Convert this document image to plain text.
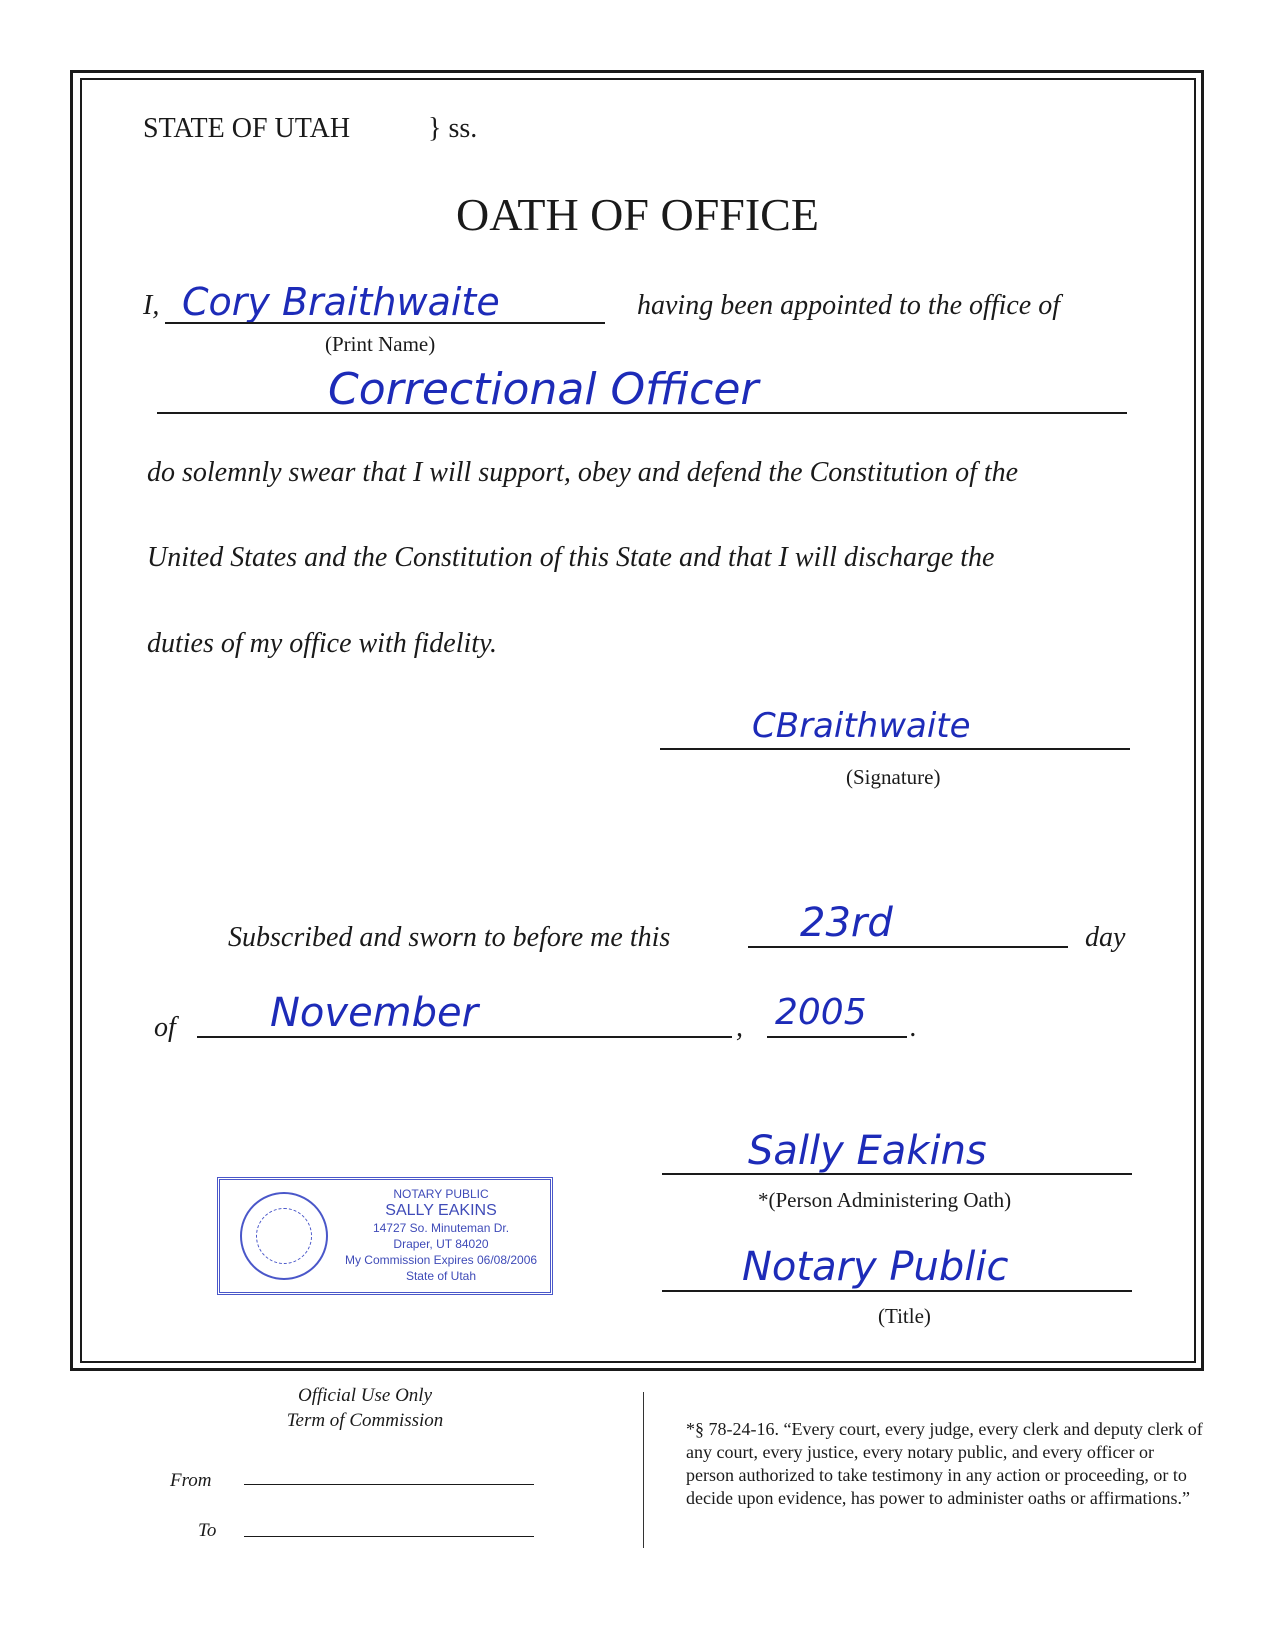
STATE OF UTAH	} ss.
OATH OF OFFICE
I, Cory Braithwaite
(Print Name)
having been appointed to the office of
Correctional Officer
do solemnly swear that I will support, obey and defend the Constitution of the
United States and the Constitution of this State and that I will discharge the
duties of my office with fidelity.
CBraithwaite
(Signature)
Subscribed and sworn to before me this	23rd	day
of November	, 2005 .
Sally Eakins
*(Person Administering Oath)
Notary Public
(Title)
NOTARY PUBLIC
SALLY EAKINS
14727 So. Minuteman Dr.
Draper, UT 84020
My Commission Expires 06/08/2006
State of Utah
Official Use Only
Term of Commission
From
To
*§ 78-24-16. “Every court, every judge, every clerk and deputy clerk of any court, every justice, every notary public, and every officer or person authorized to take testimony in any action or proceeding, or to decide upon evidence, has power to administer oaths or affirmations.”
